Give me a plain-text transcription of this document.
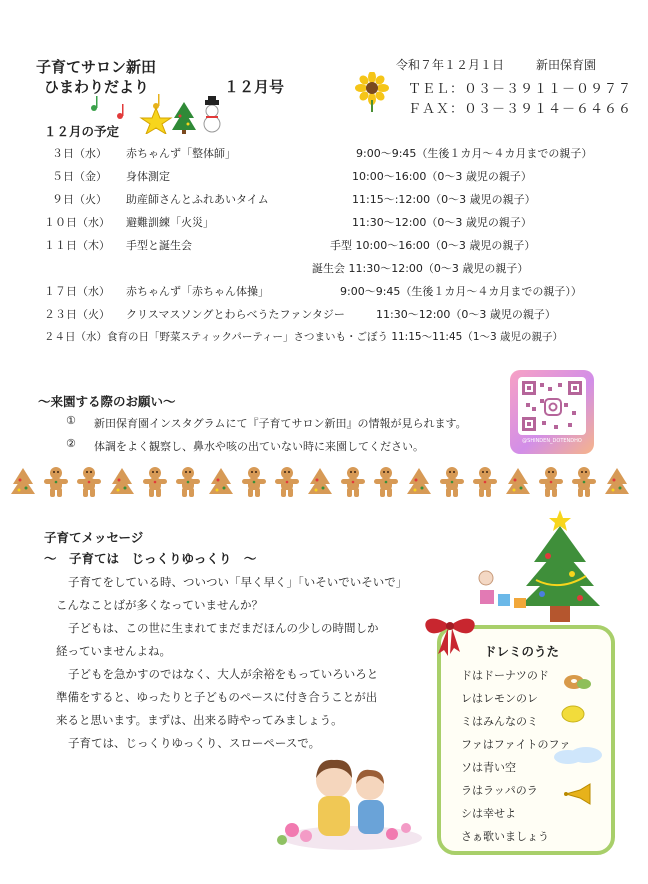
子育てサロン新田
ひまわりだより	１２月号
令和７年１２月１日	新田保育園
ＴＥＬ：０３－３９１１－０９７７
ＦＡＸ：０３－３９１４－６４６６
１２月の予定
３日（水） 赤ちゃんず「整体師」	9:00～9:45（生後１カ月～４カ月までの親子）
５日（金） 身体測定	10:00～16:00（0～3 歳児の親子）
９日（火） 助産師さんとふれあいタイム	11:15～:12:00（0～3 歳児の親子）
１０日（水） 避難訓練「火災」	11:30～12:00（0～3 歳児の親子）
１１日（木） 手型と誕生会	手型 10:00～16:00（0～3 歳児の親子）
誕生会 11:30～12:00（0～3 歳児の親子）
１７日（水） 赤ちゃんず「赤ちゃん体操」	9:00～9:45（生後１カ月～４カ月までの親子））
２３日（火） クリスマスソングとわらべうたファンタジー	11:30～12:00（0～3 歳児の親子）
２４日（水）食育の日「野菜スティックパーティー」さつまいも・ごぼう 11:15～11:45（1～3 歳児の親子）
～来園する際のお願い～
① 新田保育園インスタグラムにて『子育てサロン新田』の情報が見られます。
② 体調をよく観察し、鼻水や咳の出ていない時に来園してください。	@SHINDEN_DOTENDHO
子育てメッセージ
～　子育ては　じっくりゆっくり　～
子育てをしている時、ついつい「早く早く」「いそいでいそいで」
こんなことばが多くなっていませんか？
子どもは、この世に生まれてまだまだほんの少しの時間しか
経っていませんよね。
子どもを急かすのではなく、大人が余裕をもっていろいろと
準備をすると、ゆったりと子どものペースに付き合うことが出
来ると思います。まずは、出来る時やってみましょう。
子育ては、じっくりゆっくり、スローペースで。
ドレミのうた
ドはドーナツのド
レはレモンのレ
ミはみんなのミ
ファはファイトのファ
ソは青い空
ラはラッパのラ
シは幸せよ
さぁ歌いましょう
